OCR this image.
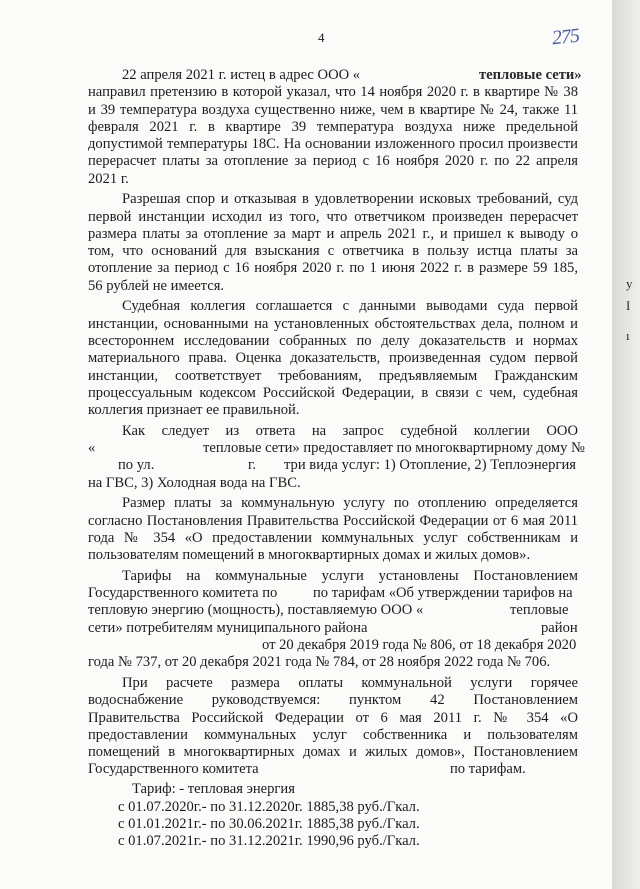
у
I
ı
4	275
22 апреля 2021 г. истец в адрес ООО «	тепловые сети»
направил претензию в которой указал, что 14 ноября 2020 г. в квартире № 38
и 39 температура воздуха существенно ниже, чем в квартире № 24, также 11
февраля 2021 г. в квартире 39 температура воздуха ниже предельной
допустимой температуры 18С. На основании изложенного просил произвести
перерасчет платы за отопление за период с 16 ноября 2020 г. по 22 апреля
2021 г.
Разрешая спор и отказывая в удовлетворении исковых требований, суд
первой инстанции исходил из того, что ответчиком произведен перерасчет
размера платы за отопление за март и апрель 2021 г., и пришел к выводу о
том, что оснований для взыскания с ответчика в пользу истца платы за
отопление за период с 16 ноября 2020 г. по 1 июня 2022 г. в размере 59 185,
56 рублей не имеется.
Судебная коллегия соглашается с данными выводами суда первой
инстанции, основанными на установленных обстоятельствах дела, полном и
всестороннем исследовании собранных по делу доказательств и нормах
материального права. Оценка доказательств, произведенная судом первой
инстанции, соответствует требованиям, предъявляемым Гражданским
процессуальным кодексом Российской Федерации, в связи с чем, судебная
коллегия признает ее правильной.
Как следует из ответа на запрос судебной коллегии ООО
«	тепловые сети» предоставляет по многоквартирному дому №
по ул.	г. три вида услуг: 1) Отопление, 2) Теплоэнергия
на ГВС, 3) Холодная вода на ГВС.
Размер платы за коммунальную услугу по отоплению определяется
согласно Постановления Правительства Российской Федерации от 6 мая 2011
года № 354 «О предоставлении коммунальных услуг собственникам и
пользователям помещений в многоквартирных домах и жилых домов».
Тарифы на коммунальные услуги установлены Постановлением
Государственного комитета по по тарифам «Об утверждении тарифов на
тепловую энергию (мощность), поставляемую ООО «	тепловые
сети» потребителям муниципального района	район
от 20 декабря 2019 года № 806, от 18 декабря 2020
года № 737, от 20 декабря 2021 года № 784, от 28 ноября 2022 года № 706.
При расчете размера оплаты коммунальной услуги горячее
водоснабжение руководствуемся: пунктом 42 Постановлением
Правительства Российской Федерации от 6 мая 2011 г. № 354 «О
предоставлении коммунальных услуг собственника и пользователям
помещений в многоквартирных домах и жилых домов», Постановлением
Государственного комитета	по тарифам.
Тариф: - тепловая энергия
с 01.07.2020г.- по 31.12.2020г. 1885,38 руб./Гкал.
с 01.01.2021г.- по 30.06.2021г. 1885,38 руб./Гкал.
с 01.07.2021г.- по 31.12.2021г. 1990,96 руб./Гкал.
